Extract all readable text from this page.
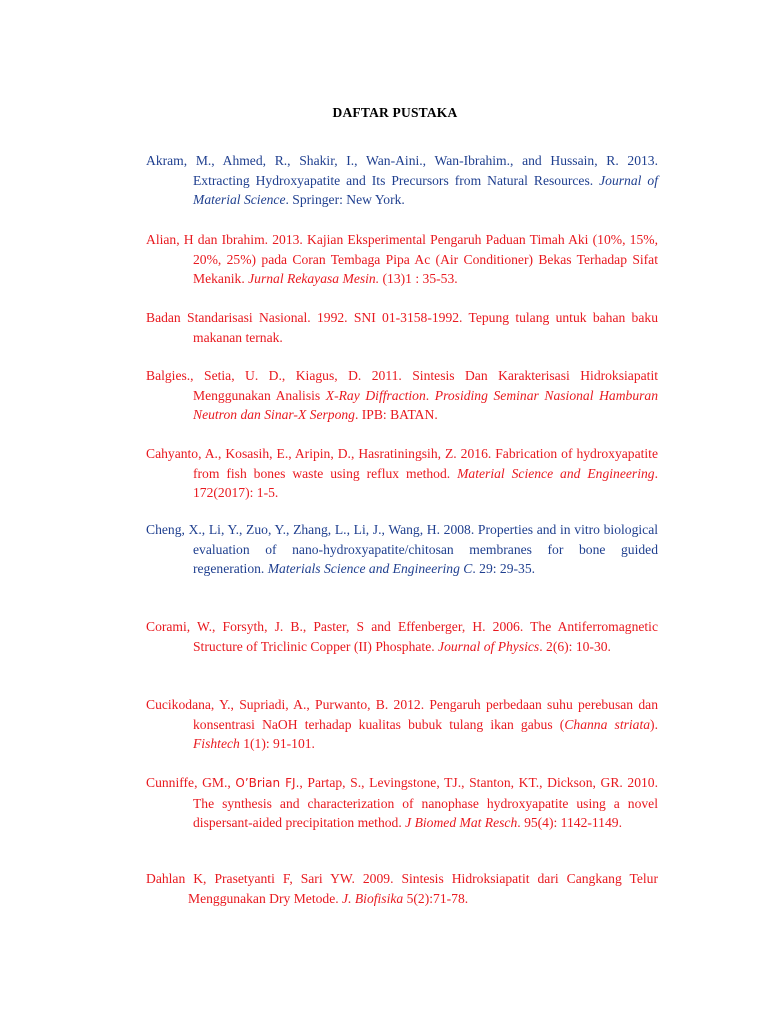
DAFTAR PUSTAKA

Akram, M., Ahmed, R., Shakir, I., Wan-Aini., Wan-Ibrahim., and Hussain, R. 2013. Extracting Hydroxyapatite and Its Precursors from Natural Resources. Journal of Material Science. Springer: New York.

Alian, H dan Ibrahim. 2013. Kajian Eksperimental Pengaruh Paduan Timah Aki (10%, 15%, 20%, 25%) pada Coran Tembaga Pipa Ac (Air Conditioner) Bekas Terhadap Sifat Mekanik. Jurnal Rekayasa Mesin. (13)1 : 35-53.

Badan Standarisasi Nasional. 1992. SNI 01-3158-1992. Tepung tulang untuk bahan baku makanan ternak.

Balgies., Setia, U. D., Kiagus, D. 2011. Sintesis Dan Karakterisasi Hidroksiapatit Menggunakan Analisis X-Ray Diffraction. Prosiding Seminar Nasional Hamburan Neutron dan Sinar-X Serpong. IPB: BATAN.

Cahyanto, A., Kosasih, E., Aripin, D., Hasratiningsih, Z. 2016. Fabrication of hydroxyapatite from fish bones waste using reflux method. Material Science and Engineering. 172(2017): 1-5.

Cheng, X., Li, Y., Zuo, Y., Zhang, L., Li, J., Wang, H. 2008. Properties and in vitro biological evaluation of nano-hydroxyapatite/chitosan membranes for bone guided regeneration. Materials Science and Engineering C. 29: 29-35.

Corami, W., Forsyth, J. B., Paster, S and Effenberger, H. 2006. The Antiferromagnetic Structure of Triclinic Copper (II) Phosphate. Journal of Physics. 2(6): 10-30.

Cucikodana, Y., Supriadi, A., Purwanto, B. 2012. Pengaruh perbedaan suhu perebusan dan konsentrasi NaOH terhadap kualitas bubuk tulang ikan gabus (Channa striata). Fishtech 1(1): 91-101.

Cunniffe, GM., O’Brian FJ., Partap, S., Levingstone, TJ., Stanton, KT., Dickson, GR. 2010. The synthesis and characterization of nanophase hydroxyapatite using a novel dispersant-aided precipitation method. J Biomed Mat Resch. 95(4): 1142-1149.

Dahlan K, Prasetyanti F, Sari YW. 2009. Sintesis Hidroksiapatit dari Cangkang Telur Menggunakan Dry Metode. J. Biofisika 5(2):71-78.
